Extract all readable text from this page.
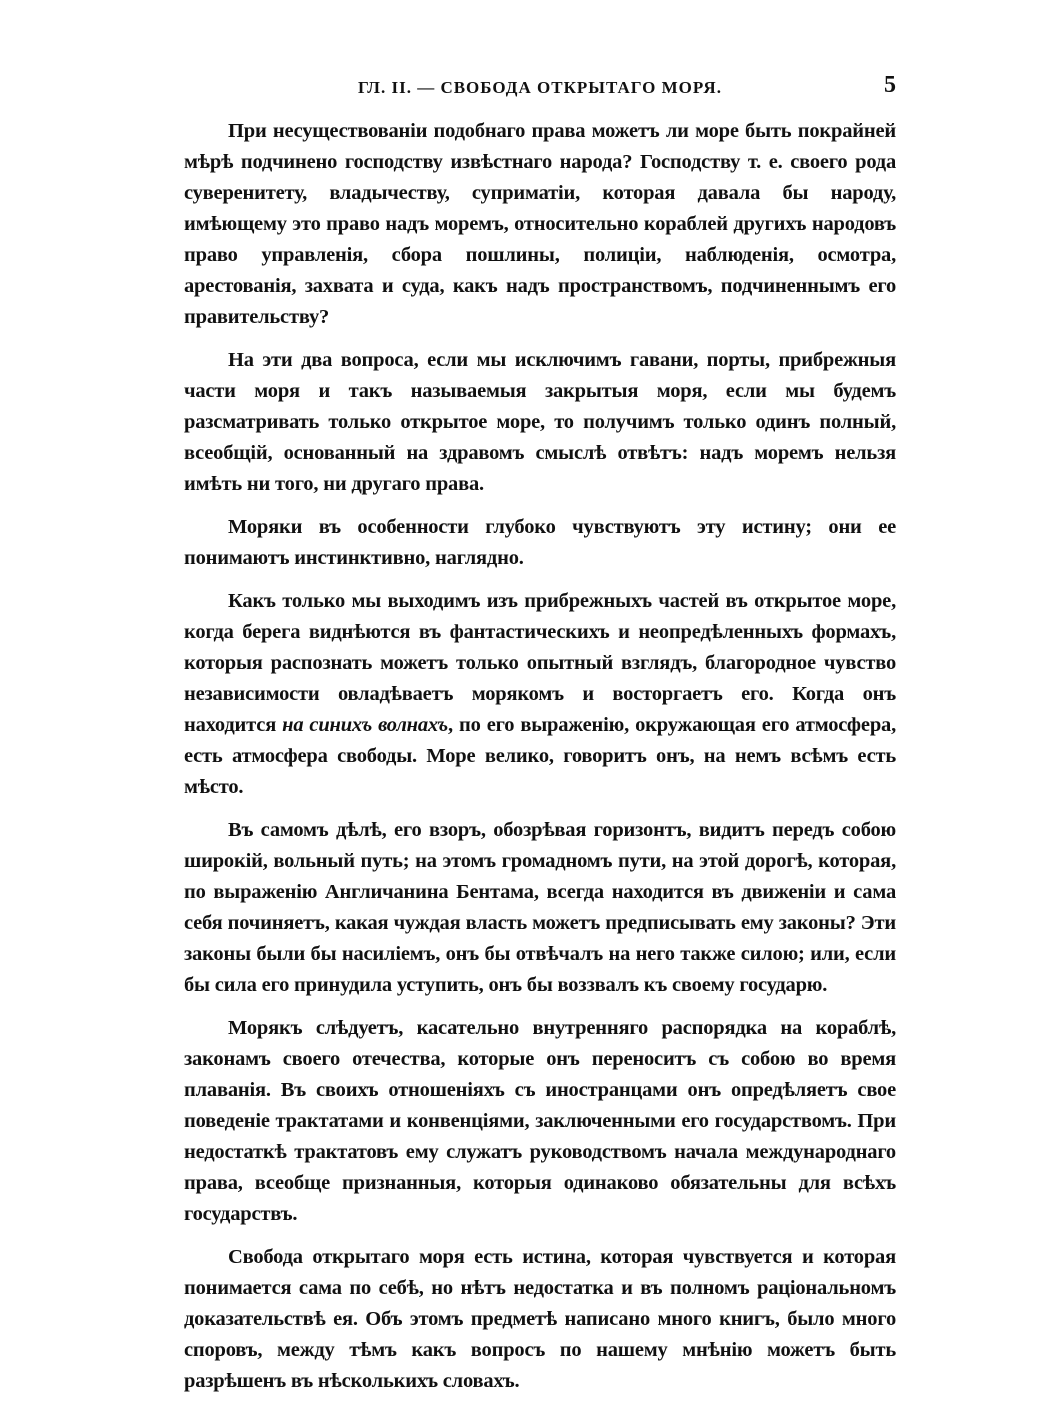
ГЛ. II. — СВОБОДА ОТКРЫТАГО МОРЯ.	5

При несуществованіи подобнаго права можетъ ли море быть покрайней мѣрѣ подчинено господству извѣстнаго народа? Господству т. е. своего рода суверенитету, владычеству, суприматіи, которая давала бы народу, имѣющему это право надъ моремъ, относительно кораблей другихъ народовъ право управленія, сбора пошлины, полиціи, наблюденія, осмотра, арестованія, захвата и суда, какъ надъ пространствомъ, подчиненнымъ его правительству?

На эти два вопроса, если мы исключимъ гавани, порты, прибрежныя части моря и такъ называемыя закрытыя моря, если мы будемъ разсматривать только открытое море, то получимъ только одинъ полный, всеобщій, основанный на здравомъ смыслѣ отвѣтъ: надъ моремъ нельзя имѣть ни того, ни другаго права.

Моряки въ особенности глубоко чувствуютъ эту истину; они ее понимаютъ инстинктивно, наглядно.

Какъ только мы выходимъ изъ прибрежныхъ частей въ открытое море, когда берега виднѣются въ фантастическихъ и неопредѣленныхъ формахъ, которыя распознать можетъ только опытный взглядъ, благородное чувство независимости овладѣваетъ морякомъ и восторгаетъ его. Когда онъ находится на синихъ волнахъ, по его выраженію, окружающая его атмосфера, есть атмосфера свободы. Море велико, говоритъ онъ, на немъ всѣмъ есть мѣсто.

Въ самомъ дѣлѣ, его взоръ, обозрѣвая горизонтъ, видитъ передъ собою широкій, вольный путь; на этомъ громадномъ пути, на этой дорогѣ, которая, по выраженію Англичанина Бентама, всегда находится въ движеніи и сама себя починяетъ, какая чуждая власть можетъ предписывать ему законы? Эти законы были бы насиліемъ, онъ бы отвѣчалъ на него также силою; или, если бы сила его принудила уступить, онъ бы воззвалъ къ своему государю.

Морякъ слѣдуетъ, касательно внутренняго распорядка на кораблѣ, законамъ своего отечества, которые онъ переноситъ съ собою во время плаванія. Въ своихъ отношеніяхъ съ иностранцами онъ опредѣляетъ свое поведеніе трактатами и конвенціями, заключенными его государствомъ. При недостаткѣ трактатовъ ему служатъ руководствомъ начала международнаго права, всеобще признанныя, которыя одинаково обязательны для всѣхъ государствъ.

Свобода открытаго моря есть истина, которая чувствуется и которая понимается сама по себѣ, но нѣтъ недостатка и въ полномъ раціональномъ доказательствѣ ея. Объ этомъ предметѣ написано много книгъ, было много споровъ, между тѣмъ какъ вопросъ по нашему мнѣнію можетъ быть разрѣшенъ въ нѣсколькихъ словахъ.
